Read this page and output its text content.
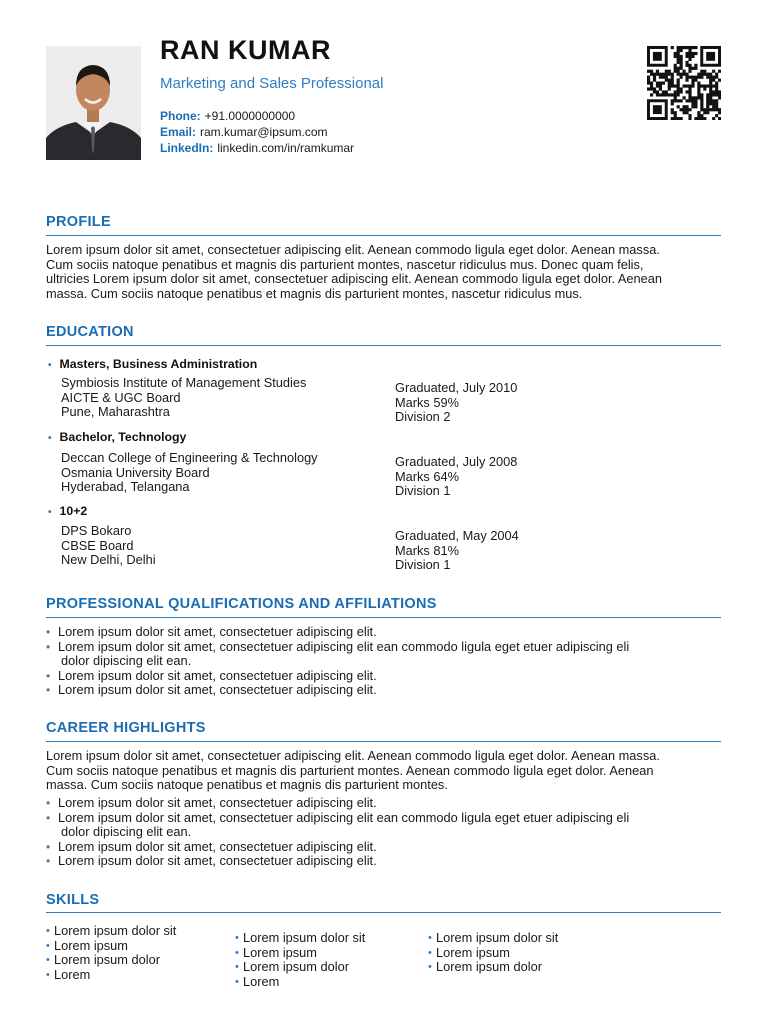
RAN KUMAR
Marketing and Sales Professional
Phone: +91.0000000000
Email: ram.kumar@ipsum.com
LinkedIn: linkedin.com/in/ramkumar
PROFILE
Lorem ipsum dolor sit amet, consectetuer adipiscing elit. Aenean commodo ligula eget dolor. Aenean massa.
Cum sociis natoque penatibus et magnis dis parturient montes, nascetur ridiculus mus. Donec quam felis,
ultricies Lorem ipsum dolor sit amet, consectetuer adipiscing elit. Aenean commodo ligula eget dolor. Aenean
massa. Cum sociis natoque penatibus et magnis dis parturient montes, nascetur ridiculus mus.
EDUCATION
• Masters, Business Administration
Symbiosis Institute of Management Studies
AICTE & UGC Board
Pune, Maharashtra
Graduated, July 2010
Marks 59%
Division 2
• Bachelor, Technology
Deccan College of Engineering & Technology
Osmania University Board
Hyderabad, Telangana
Graduated, July 2008
Marks 64%
Division 1
• 10+2
DPS Bokaro
CBSE Board
New Delhi, Delhi
Graduated, May 2004
Marks 81%
Division 1
PROFESSIONAL QUALIFICATIONS AND AFFILIATIONS
• Lorem ipsum dolor sit amet, consectetuer adipiscing elit.
• Lorem ipsum dolor sit amet, consectetuer adipiscing elit ean commodo ligula eget etuer adipiscing eli
dolor dipiscing elit ean.
• Lorem ipsum dolor sit amet, consectetuer adipiscing elit.
• Lorem ipsum dolor sit amet, consectetuer adipiscing elit.
CAREER HIGHLIGHTS
Lorem ipsum dolor sit amet, consectetuer adipiscing elit. Aenean commodo ligula eget dolor. Aenean massa.
Cum sociis natoque penatibus et magnis dis parturient montes. Aenean commodo ligula eget dolor. Aenean
massa. Cum sociis natoque penatibus et magnis dis parturient montes.
• Lorem ipsum dolor sit amet, consectetuer adipiscing elit.
• Lorem ipsum dolor sit amet, consectetuer adipiscing elit ean commodo ligula eget etuer adipiscing eli
dolor dipiscing elit ean.
• Lorem ipsum dolor sit amet, consectetuer adipiscing elit.
• Lorem ipsum dolor sit amet, consectetuer adipiscing elit.
SKILLS
• Lorem ipsum dolor sit
• Lorem ipsum
• Lorem ipsum dolor
• Lorem
• Lorem ipsum dolor sit
• Lorem ipsum
• Lorem ipsum dolor
• Lorem
• Lorem ipsum dolor sit
• Lorem ipsum
• Lorem ipsum dolor
